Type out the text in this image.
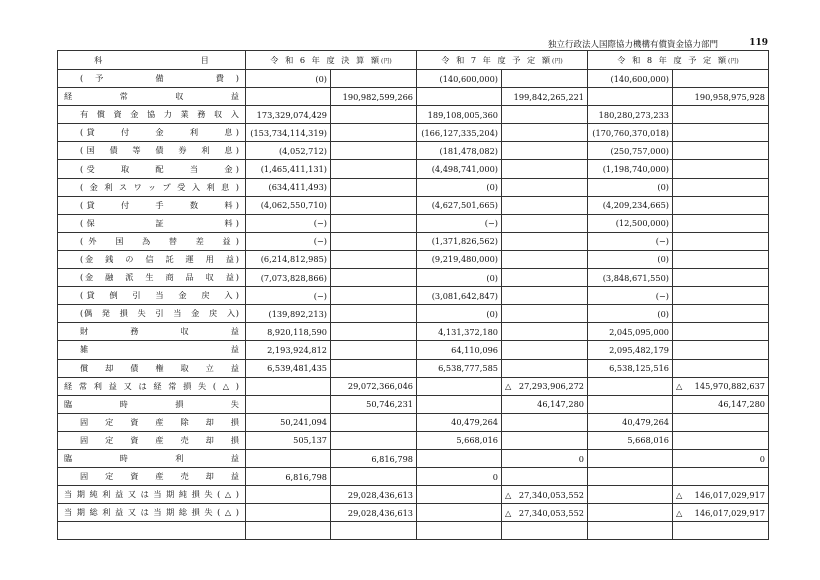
独立行政法人国際協力機構有償資金協力部門	119
科　　　　　　　　　　　　目	令 和 6 年 度 決 算 額(円)		令 和 7 年 度 予 定 額(円)		令 和 8 年 度 予 定 額(円)	

(予　　備　　費)	(0)		(140,600,000)		(140,600,000)	

経　　常　　収　　益		190,982,599,266		199,842,265,221		190,958,975,928

有償資金協力業務収入	173,329,074,429		189,108,005,360		180,280,273,233	

(貸　　付　　金　　利　　息)	(153,734,114,319)		(166,127,335,204)		(170,760,370,018)	

(国　債　等　債　券　利　息)	(4,052,712)		(181,478,082)		(250,757,000)	

(受　　取　　配　　当　　金)	(1,465,411,131)		(4,498,741,000)		(1,198,740,000)	

(金利スワップ受入利息)	(634,411,493)		(0)		(0)	

(貸　　付　　手　　数　　料)	(4,062,550,710)		(4,627,501,665)		(4,209,234,665)	

(保　　　　　証　　　　　料)	(−)		(−)		(12,500,000)	

(外　国　為　替　差　益)	(−)		(1,371,826,562)		(−)	

(金　銭　の　信　託　運　用　益)	(6,214,812,985)		(9,219,480,000)		(0)	

(金　融　派　生　商　品　収　益)	(7,073,828,866)		(0)		(3,848,671,550)	

(貸　倒　引　当　金　戻　入)	(−)		(3,081,642,847)		(−)	

(偶　発　損　失　引　当　金　戻　入)	(139,892,213)		(0)		(0)	

財　　　務　　　収　　　益	8,920,118,590		4,131,372,180		2,045,095,000	

雑　　　　　　　　　　　　益	2,193,924,812		64,110,096		2,095,482,179	

償　却　債　権　取　立　益	6,539,481,435		6,538,777,585		6,538,125,516	

経常利益又は経常損失(△)		29,072,366,046		△ 27,293,906,272		△ 145,970,882,637

臨　　　　時　　　　損　　　　失		50,746,231		46,147,280		46,147,280

固　定　資　産　除　却　損	50,241,094		40,479,264		40,479,264	

固　定　資　産　売　却　損	505,137		5,668,016		5,668,016	

臨　　　　時　　　　利　　　　益		6,816,798		0		0

固　定　資　産　売　却　益	6,816,798		0			

当期純利益又は当期純損失(△)		29,028,436,613		△ 27,340,053,552		△ 146,017,029,917

当期総利益又は当期総損失(△)		29,028,436,613		△ 27,340,053,552		△ 146,017,029,917
